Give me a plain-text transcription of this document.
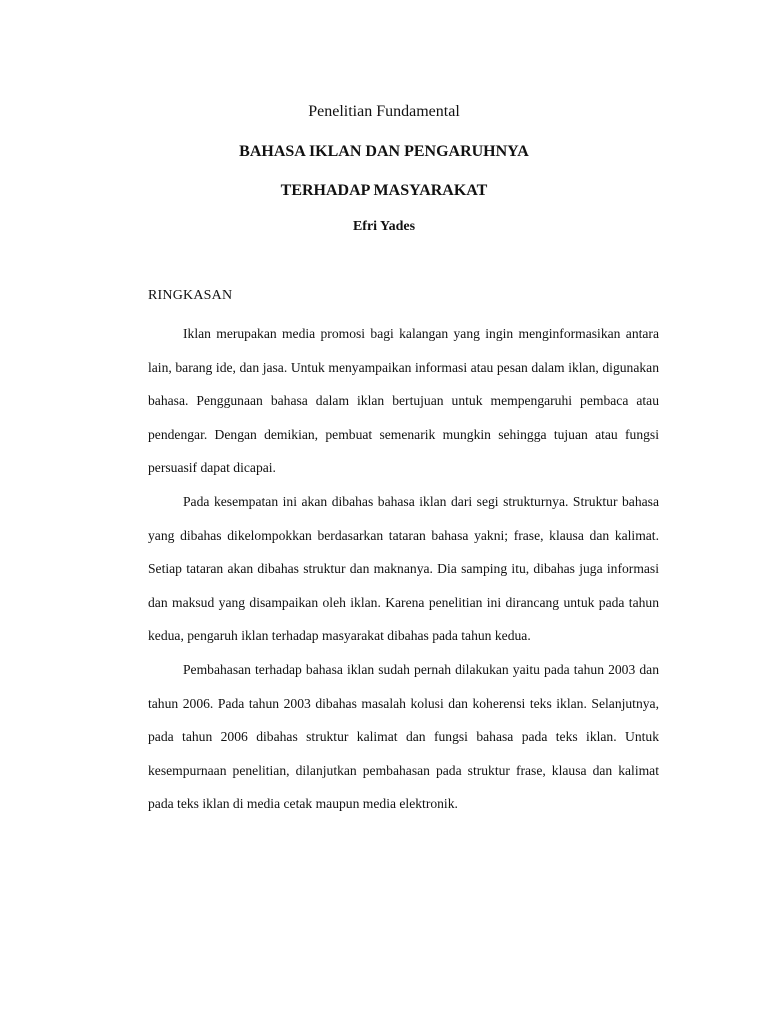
Penelitian Fundamental
BAHASA IKLAN DAN PENGARUHNYA
TERHADAP MASYARAKAT
Efri Yades
RINGKASAN

Iklan merupakan media promosi bagi kalangan yang ingin menginformasikan antara lain, barang ide, dan jasa. Untuk menyampaikan informasi atau pesan dalam iklan, digunakan bahasa. Penggunaan bahasa dalam iklan bertujuan untuk mempengaruhi pembaca atau pendengar. Dengan demikian, pembuat semenarik mungkin sehingga tujuan atau fungsi persuasif dapat dicapai.

Pada kesempatan ini akan dibahas bahasa iklan dari segi strukturnya. Struktur bahasa yang dibahas dikelompokkan berdasarkan tataran bahasa yakni; frase, klausa dan kalimat. Setiap tataran akan dibahas struktur dan maknanya. Dia samping itu, dibahas juga informasi dan maksud yang disampaikan oleh iklan. Karena penelitian ini dirancang untuk pada tahun kedua, pengaruh iklan terhadap masyarakat dibahas pada tahun kedua.

Pembahasan terhadap bahasa iklan sudah pernah dilakukan yaitu pada tahun 2003 dan tahun 2006. Pada tahun 2003 dibahas masalah kolusi dan koherensi teks iklan. Selanjutnya, pada tahun 2006 dibahas struktur kalimat dan fungsi bahasa pada teks iklan. Untuk kesempurnaan penelitian, dilanjutkan pembahasan pada struktur frase, klausa dan kalimat pada teks iklan di media cetak maupun media elektronik.
